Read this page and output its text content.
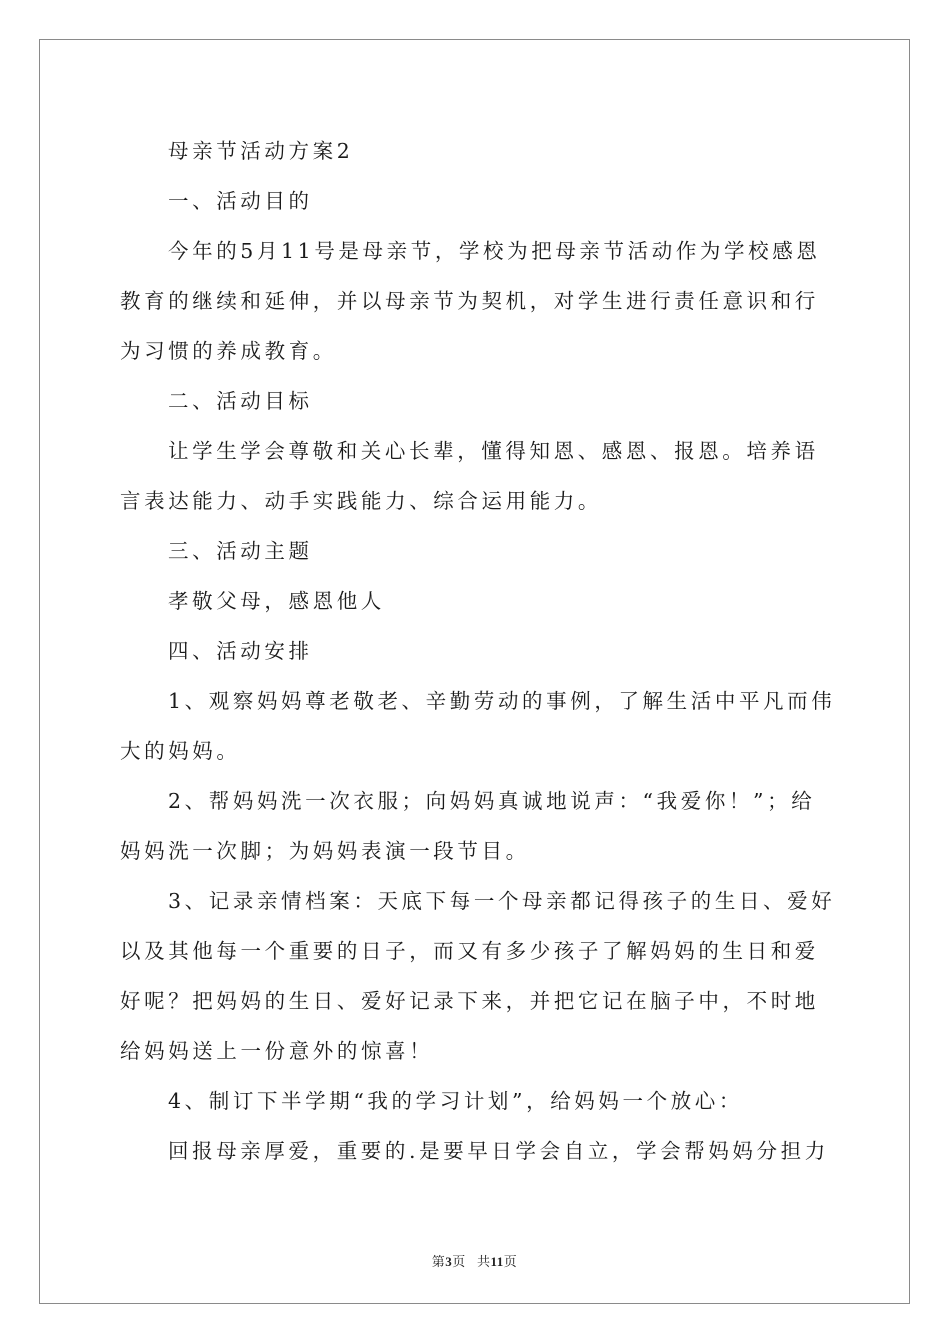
母亲节活动方案2

一、活动目的

今年的5月11号是母亲节，学校为把母亲节活动作为学校感恩教育的继续和延伸，并以母亲节为契机，对学生进行责任意识和行为习惯的养成教育。

二、活动目标

让学生学会尊敬和关心长辈，懂得知恩、感恩、报恩。培养语言表达能力、动手实践能力、综合运用能力。

三、活动主题

孝敬父母，感恩他人

四、活动安排

1、观察妈妈尊老敬老、辛勤劳动的事例，了解生活中平凡而伟大的妈妈。

2、帮妈妈洗一次衣服；向妈妈真诚地说声：“我爱你！”；给妈妈洗一次脚；为妈妈表演一段节目。

3、记录亲情档案：天底下每一个母亲都记得孩子的生日、爱好以及其他每一个重要的日子，而又有多少孩子了解妈妈的生日和爱好呢？把妈妈的生日、爱好记录下来，并把它记在脑子中，不时地给妈妈送上一份意外的惊喜！

4、制订下半学期“我的学习计划”，给妈妈一个放心：

回报母亲厚爱，重要的.是要早日学会自立，学会帮妈妈分担力

第3页 共11页
